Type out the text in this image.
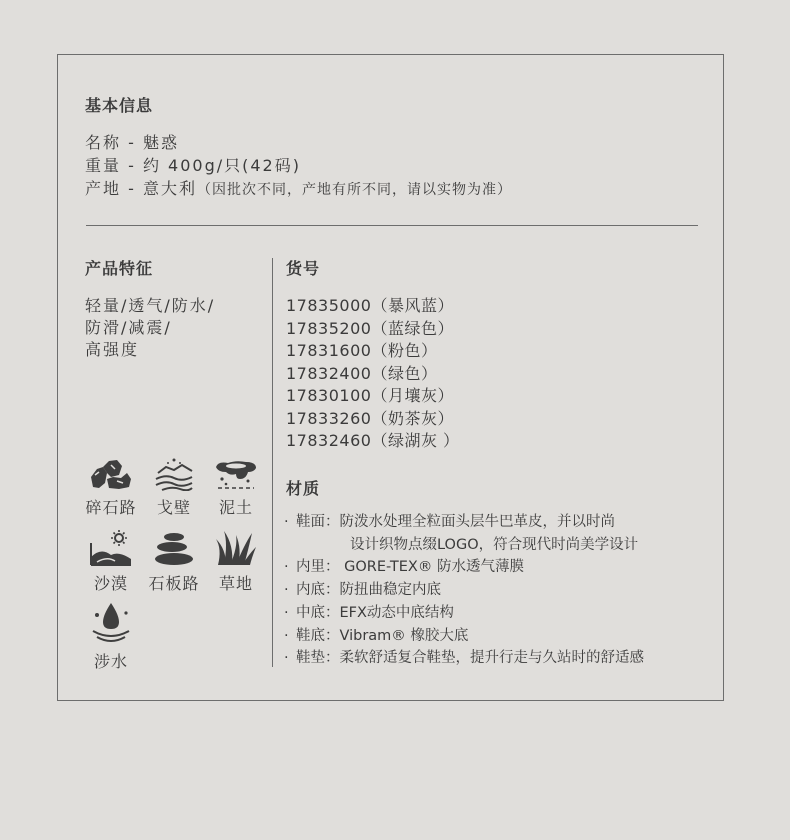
基本信息
名称 - 魅惑
重量 - 约 400g/只(42码)
产地 - 意大利（因批次不同，产地有所不同，请以实物为准）
产品特征
轻量/透气/防水/
防滑/减震/
高强度
碎石路	戈壁	泥土
沙漠	石板路	草地
涉水
货号
17835000（暴风蓝）
17835200（蓝绿色）
17831600（粉色）
17832400（绿色）
17830100（月壤灰）
17833260（奶茶灰）
17832460（绿湖灰 ）
材质
· 鞋面：防泼水处理全粒面头层牛巴革皮，并以时尚
设计织物点缀LOGO，符合现代时尚美学设计
· 内里： GORE-TEX® 防水透气薄膜
· 内底：防扭曲稳定内底
· 中底：EFX动态中底结构
· 鞋底：Vibram® 橡胶大底
· 鞋垫：柔软舒适复合鞋垫，提升行走与久站时的舒适感
